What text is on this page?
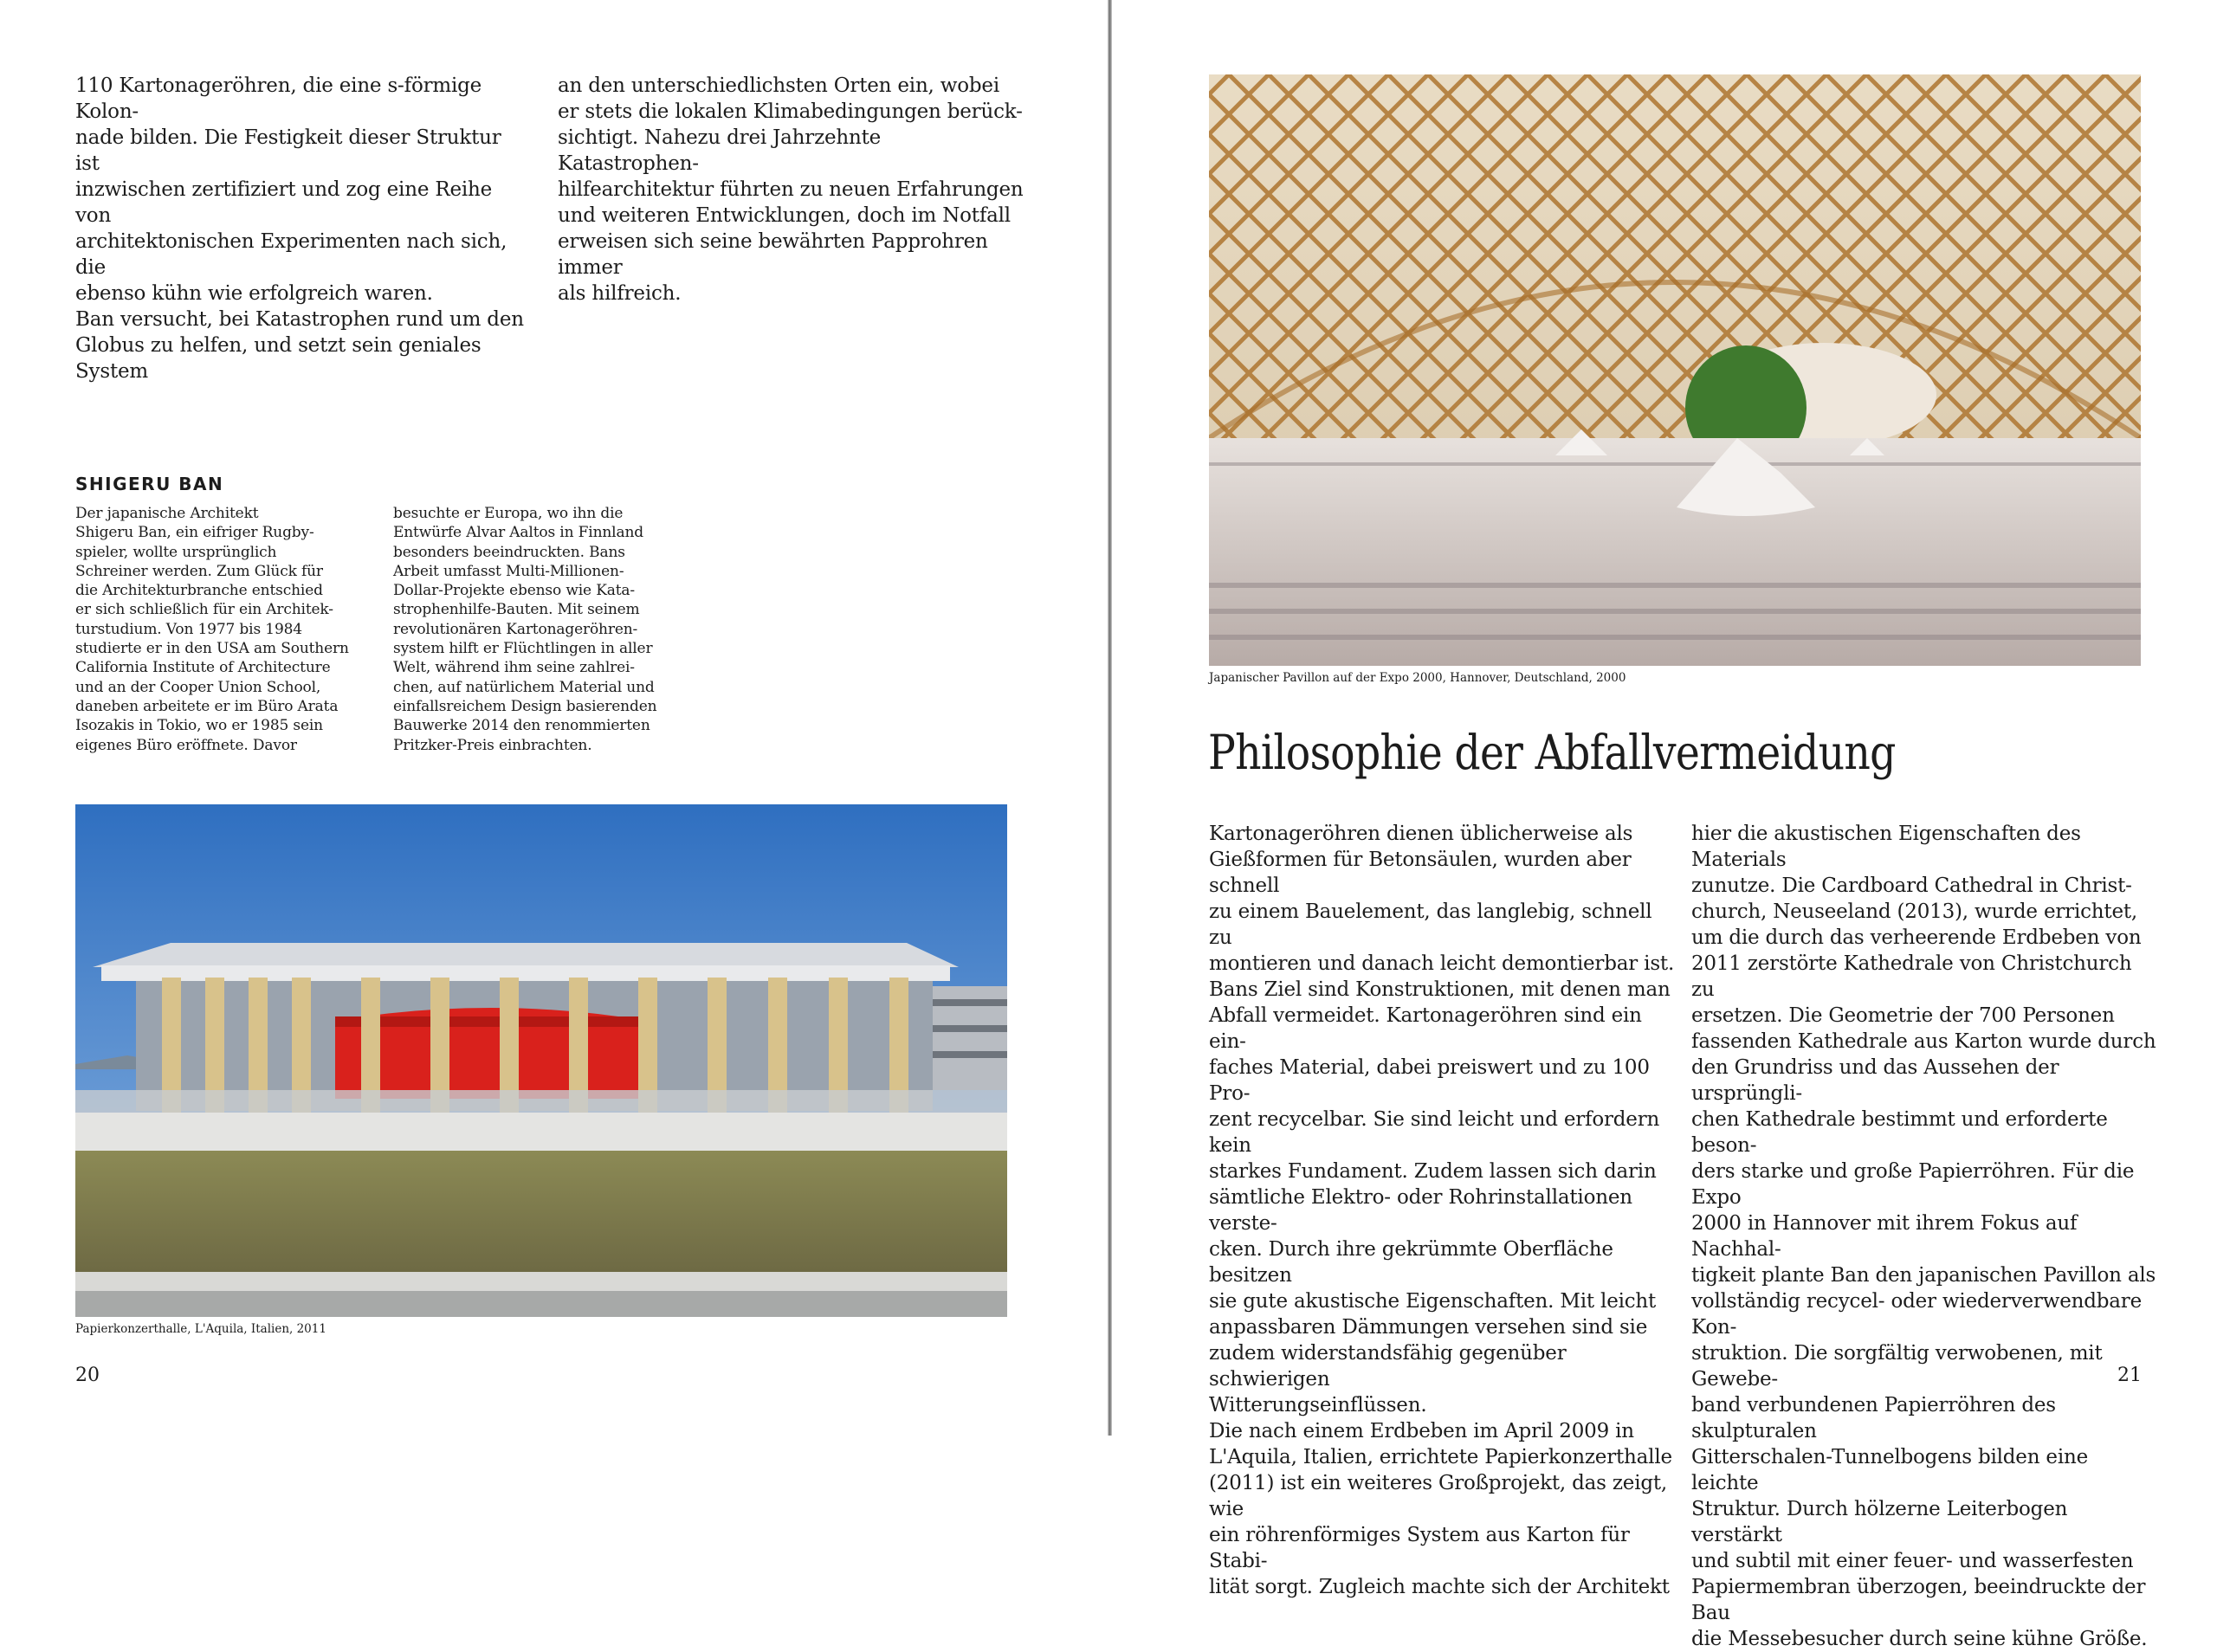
110 Kartonageröhren, die eine s-förmige Kolon-
nade bilden. Die Festigkeit dieser Struktur ist
inzwischen zertifiziert und zog eine Reihe von
architektonischen Experimenten nach sich, die
ebenso kühn wie erfolgreich waren.
Ban versucht, bei Katastrophen rund um den
Globus zu helfen, und setzt sein geniales System

an den unterschiedlichsten Orten ein, wobei
er stets die lokalen Klimabedingungen berück-
sichtigt. Nahezu drei Jahrzehnte Katastrophen-
hilfearchitektur führten zu neuen Erfahrungen
und weiteren Entwicklungen, doch im Notfall
erweisen sich seine bewährten Papprohren immer
als hilfreich.

SHIGERU BAN

Der japanische Architekt
Shigeru Ban, ein eifriger Rugby-
spieler, wollte ursprünglich
Schreiner werden. Zum Glück für
die Architekturbranche entschied
er sich schließlich für ein Architek-
turstudium. Von 1977 bis 1984
studierte er in den USA am Southern
California Institute of Architecture
und an der Cooper Union School,
daneben arbeitete er im Büro Arata
Isozakis in Tokio, wo er 1985 sein
eigenes Büro eröffnete. Davor

besuchte er Europa, wo ihn die
Entwürfe Alvar Aaltos in Finnland
besonders beeindruckten. Bans
Arbeit umfasst Multi-Millionen-
Dollar-Projekte ebenso wie Kata-
strophenhilfe-Bauten. Mit seinem
revolutionären Kartonageröhren-
system hilft er Flüchtlingen in aller
Welt, während ihm seine zahlrei-
chen, auf natürlichem Material und
einfallsreichem Design basierenden
Bauwerke 2014 den renommierten
Pritzker-Preis einbrachten.

Papierkonzerthalle, L'Aquila, Italien, 2011

20

Japanischer Pavillon auf der Expo 2000, Hannover, Deutschland, 2000

Philosophie der Abfallvermeidung

Kartonageröhren dienen üblicherweise als
Gießformen für Betonsäulen, wurden aber schnell
zu einem Bauelement, das langlebig, schnell zu
montieren und danach leicht demontierbar ist.
Bans Ziel sind Konstruktionen, mit denen man
Abfall vermeidet. Kartonageröhren sind ein ein-
faches Material, dabei preiswert und zu 100 Pro-
zent recycelbar. Sie sind leicht und erfordern kein
starkes Fundament. Zudem lassen sich darin
sämtliche Elektro- oder Rohrinstallationen verste-
cken. Durch ihre gekrümmte Oberfläche besitzen
sie gute akustische Eigenschaften. Mit leicht
anpassbaren Dämmungen versehen sind sie
zudem widerstandsfähig gegenüber schwierigen
Witterungseinflüssen.
Die nach einem Erdbeben im April 2009 in
L'Aquila, Italien, errichtete Papierkonzerthalle
(2011) ist ein weiteres Großprojekt, das zeigt, wie
ein röhrenförmiges System aus Karton für Stabi-
lität sorgt. Zugleich machte sich der Architekt

hier die akustischen Eigenschaften des Materials
zunutze. Die Cardboard Cathedral in Christ-
church, Neuseeland (2013), wurde errichtet,
um die durch das verheerende Erdbeben von
2011 zerstörte Kathedrale von Christchurch zu
ersetzen. Die Geometrie der 700 Personen
fassenden Kathedrale aus Karton wurde durch
den Grundriss und das Aussehen der ursprüngli-
chen Kathedrale bestimmt und erforderte beson-
ders starke und große Papierröhren. Für die Expo
2000 in Hannover mit ihrem Fokus auf Nachhal-
tigkeit plante Ban den japanischen Pavillon als
vollständig recycel- oder wiederverwendbare Kon-
struktion. Die sorgfältig verwobenen, mit Gewebe-
band verbundenen Papierröhren des skulpturalen
Gitterschalen-Tunnelbogens bilden eine leichte
Struktur. Durch hölzerne Leiterbogen verstärkt
und subtil mit einer feuer- und wasserfesten
Papiermembran überzogen, beeindruckte der Bau
die Messebesucher durch seine kühne Größe.

21
